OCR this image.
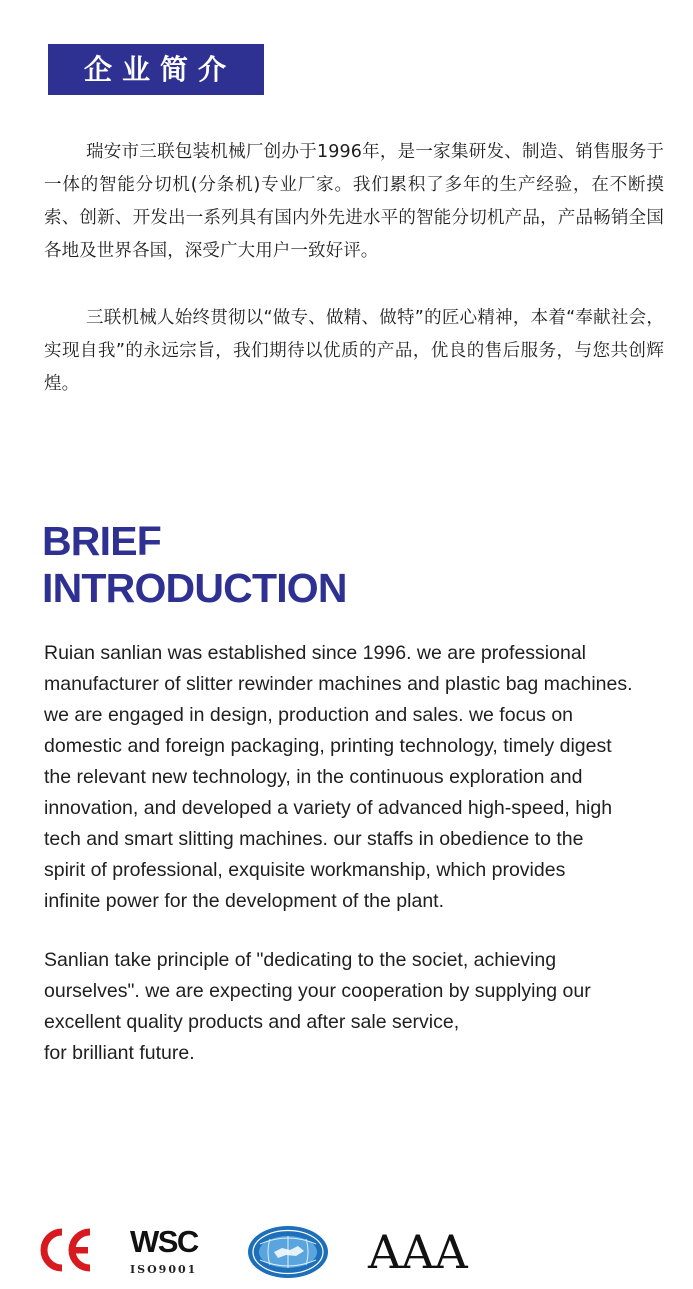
企业简介

瑞安市三联包装机械厂创办于1996年，是一家集研发、制造、销售服务于一体的智能分切机(分条机)专业厂家。我们累积了多年的生产经验，在不断摸索、创新、开发出一系列具有国内外先进水平的智能分切机产品，产品畅销全国各地及世界各国，深受广大用户一致好评。

三联机械人始终贯彻以“做专、做精、做特”的匠心精神，本着“奉献社会，实现自我”的永远宗旨，我们期待以优质的产品，优良的售后服务，与您共创辉煌。

BRIEF
INTRODUCTION

Ruian sanlian was established since 1996. we are professional
manufacturer of slitter rewinder machines and plastic bag machines.
we are engaged in design, production and sales. we focus on
domestic and foreign packaging, printing technology, timely digest
the relevant new technology, in the continuous exploration and
innovation, and developed a variety of advanced high-speed, high
tech and smart slitting machines. our staffs in obedience to the
spirit of professional, exquisite workmanship, which provides
infinite power for the development of the plant.

Sanlian take principle of "dedicating to the societ, achieving
ourselves". we are expecting your cooperation by supplying our
excellent quality products and after sale service,
for brilliant future.

WSC
ISO9001	AAA
